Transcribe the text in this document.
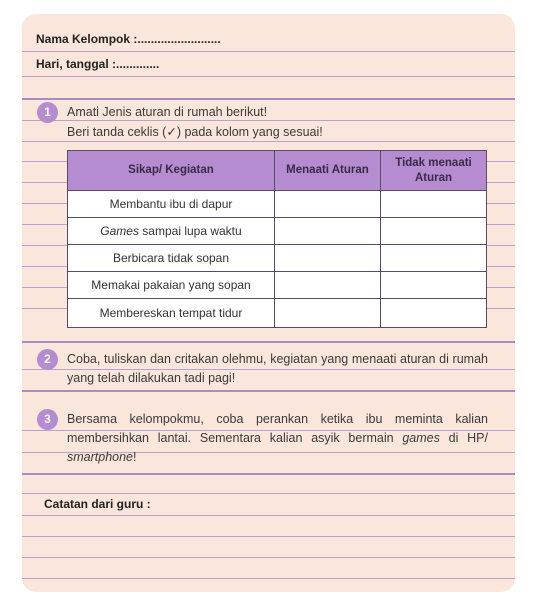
Nama Kelompok :.........................
Hari, tanggal :.............
1	Amati Jenis aturan di rumah berikut!
Beri tanda ceklis (✓) pada kolom yang sesuai!
Sikap/ Kegiatan	Menaati Aturan	Tidak menaati Aturan
Membantu ibu di dapur		
Games sampai lupa waktu		
Berbicara tidak sopan		
Memakai pakaian yang sopan		
Membereskan tempat tidur		
2	Coba, tuliskan dan critakan olehmu, kegiatan yang menaati aturan di rumah yang telah dilakukan tadi pagi!
3	Bersama kelompokmu, coba perankan ketika ibu meminta kalian membersihkan lantai. Sementara kalian asyik bermain games di HP/ smartphone!
Catatan dari guru :
